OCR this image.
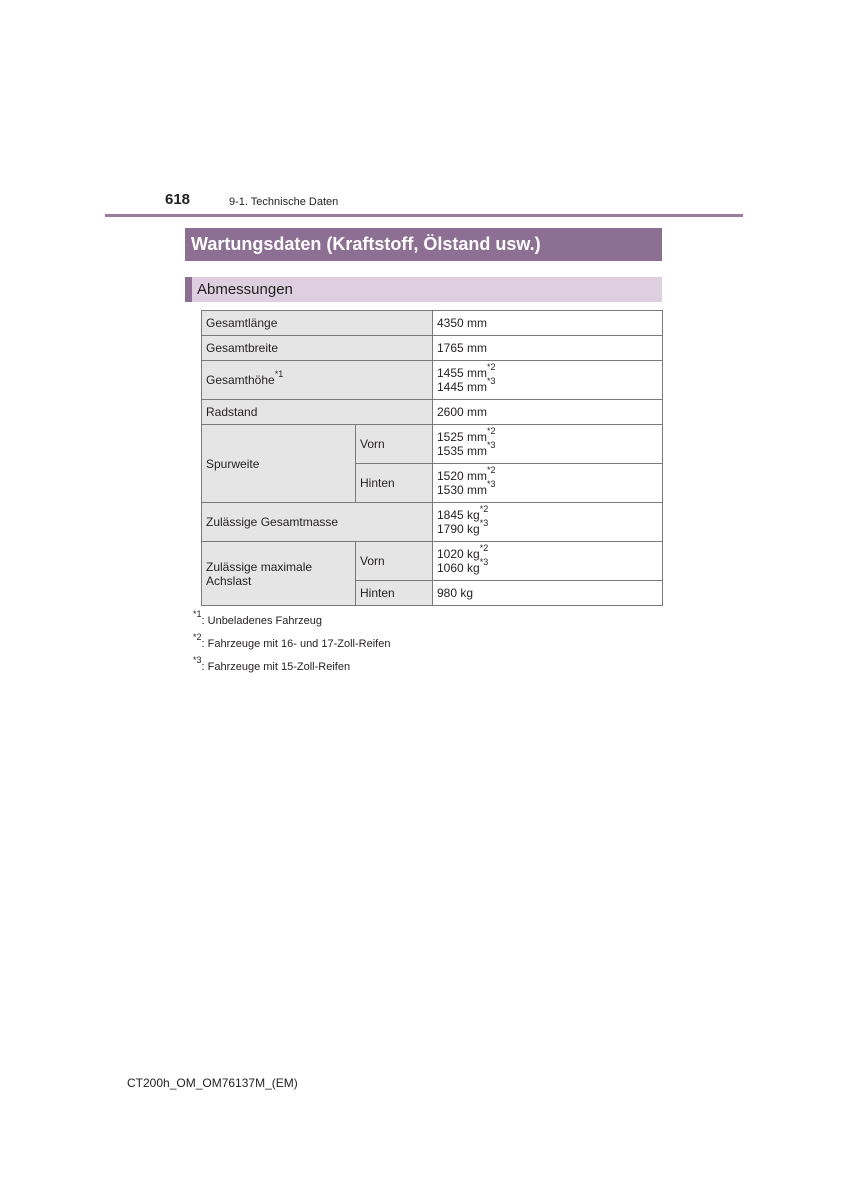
618	9-1. Technische Daten
Wartungsdaten (Kraftstoff, Ölstand usw.)
Abmessungen
Gesamtlänge		4350 mm
Gesamtbreite		1765 mm
Gesamthöhe$^{*1}$		1455 $mm^{*2}$
1445 $mm^{*3}$
Radstand		2600 mm
Spurweite	Vorn	1525 $mm^{*2}$
1535 $mm^{*3}$
	Hinten	1520 $mm^{*2}$
1530 $mm^{*3}$
Zulässige Gesamtmasse		1845 $kg^{*2}$
1790 $kg^{*3}$
Zulässige maximale Achslast	Vorn	1020 $kg^{*2}$
1060 $kg^{*3}$
	Hinten	980 kg
$^{*1}$: Unbeladenes Fahrzeug
$^{*2}$: Fahrzeuge mit 16- und 17-Zoll-Reifen
$^{*3}$: Fahrzeuge mit 15-Zoll-Reifen
CT200h_OM_OM76137M_(EM)
